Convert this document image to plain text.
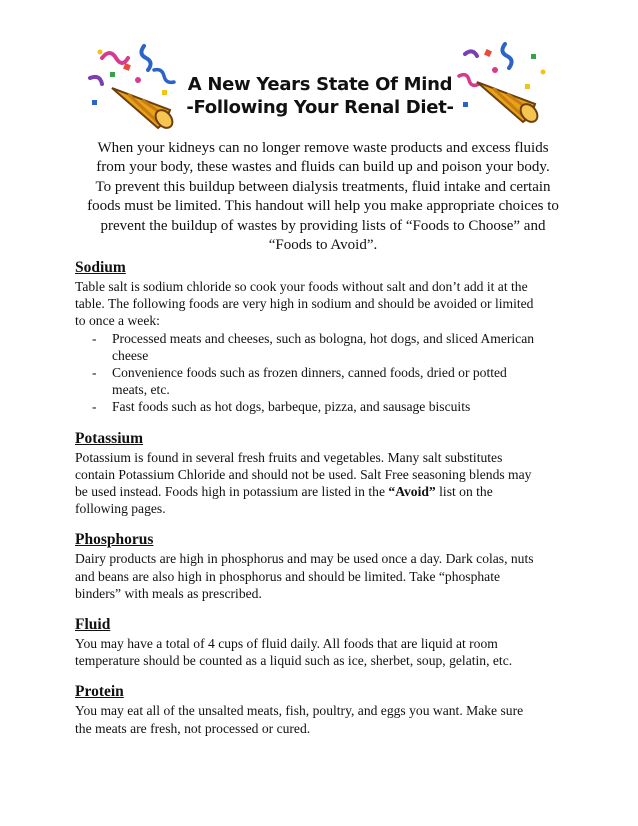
A New Years State Of Mind
-Following Your Renal Diet-
When your kidneys can no longer remove waste products and excess fluids
from your body, these wastes and fluids can build up and poison your body.
To prevent this buildup between dialysis treatments, fluid intake and certain
foods must be limited. This handout will help you make appropriate choices to
prevent the buildup of wastes by providing lists of “Foods to Choose” and
“Foods to Avoid”.

Sodium

Table salt is sodium chloride so cook your foods without salt and don’t add it at the
table. The following foods are very high in sodium and should be avoided or limited
to once a week:

- Processed meats and cheeses, such as bologna, hot dogs, and sliced American
cheese
- Convenience foods such as frozen dinners, canned foods, dried or potted
meats, etc.
- Fast foods such as hot dogs, barbeque, pizza, and sausage biscuits

Potassium

Potassium is found in several fresh fruits and vegetables. Many salt substitutes
contain Potassium Chloride and should not be used. Salt Free seasoning blends may
be used instead. Foods high in potassium are listed in the “Avoid” list on the
following pages.

Phosphorus

Dairy products are high in phosphorus and may be used once a day. Dark colas, nuts
and beans are also high in phosphorus and should be limited. Take “phosphate
binders” with meals as prescribed.

Fluid

You may have a total of 4 cups of fluid daily. All foods that are liquid at room
temperature should be counted as a liquid such as ice, sherbet, soup, gelatin, etc.

Protein

You may eat all of the unsalted meats, fish, poultry, and eggs you want. Make sure
the meats are fresh, not processed or cured.
